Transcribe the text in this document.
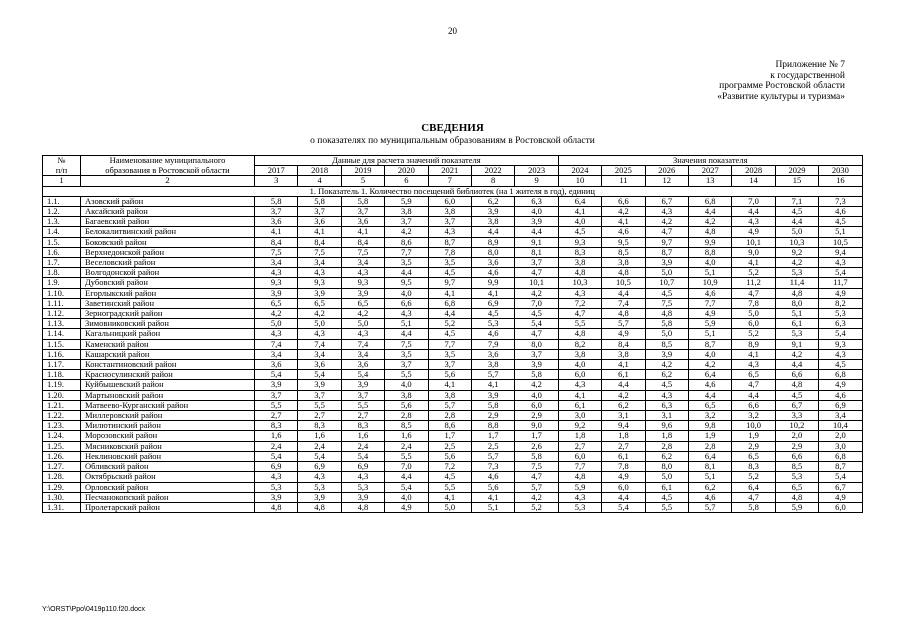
20
Приложение № 7
к государственной
программе Ростовской области
«Развитие культуры и туризма»
СВЕДЕНИЯ
о показателях по муниципальным образованиям в Ростовской области
№	Наименование муниципального	Данные для расчета значений показателя							Значения показателя						
п/п	образования в Ростовской области	2017	2018	2019	2020	2021	2022	2023	2024	2025	2026	2027	2028	2029	2030
1	2	3	4	5	6	7	8	9	10	11	12	13	14	15	16
1. Показатель 1. Количество посещений библиотек (на 1 жителя в год), единиц															
1.1.	Азовский район	5,8	5,8	5,8	5,9	6,0	6,2	6,3	6,4	6,6	6,7	6,8	7,0	7,1	7,3
1.2.	Аксайский район	3,7	3,7	3,7	3,8	3,8	3,9	4,0	4,1	4,2	4,3	4,4	4,4	4,5	4,6
1.3.	Багаевский район	3,6	3,6	3,6	3,7	3,7	3,8	3,9	4,0	4,1	4,2	4,2	4,3	4,4	4,5
1.4.	Белокалитвинский район	4,1	4,1	4,1	4,2	4,3	4,4	4,4	4,5	4,6	4,7	4,8	4,9	5,0	5,1
1.5.	Боковский район	8,4	8,4	8,4	8,6	8,7	8,9	9,1	9,3	9,5	9,7	9,9	10,1	10,3	10,5
1.6.	Верхнедонской район	7,5	7,5	7,5	7,7	7,8	8,0	8,1	8,3	8,5	8,7	8,8	9,0	9,2	9,4
1.7.	Веселовский район	3,4	3,4	3,4	3,5	3,5	3,6	3,7	3,8	3,8	3,9	4,0	4,1	4,2	4,3
1.8.	Волгодонской район	4,3	4,3	4,3	4,4	4,5	4,6	4,7	4,8	4,8	5,0	5,1	5,2	5,3	5,4
1.9.	Дубовский район	9,3	9,3	9,3	9,5	9,7	9,9	10,1	10,3	10,5	10,7	10,9	11,2	11,4	11,7
1.10.	Егорлыкский район	3,9	3,9	3,9	4,0	4,1	4,1	4,2	4,3	4,4	4,5	4,6	4,7	4,8	4,9
1.11.	Заветинский район	6,5	6,5	6,5	6,6	6,8	6,9	7,0	7,2	7,4	7,5	7,7	7,8	8,0	8,2
1.12.	Зерноградский район	4,2	4,2	4,2	4,3	4,4	4,5	4,5	4,7	4,8	4,8	4,9	5,0	5,1	5,3
1.13.	Зимовниковский район	5,0	5,0	5,0	5,1	5,2	5,3	5,4	5,5	5,7	5,8	5,9	6,0	6,1	6,3
1.14.	Кагальницкий район	4,3	4,3	4,3	4,4	4,5	4,6	4,7	4,8	4,9	5,0	5,1	5,2	5,3	5,4
1.15.	Каменский район	7,4	7,4	7,4	7,5	7,7	7,9	8,0	8,2	8,4	8,5	8,7	8,9	9,1	9,3
1.16.	Кашарский район	3,4	3,4	3,4	3,5	3,5	3,6	3,7	3,8	3,8	3,9	4,0	4,1	4,2	4,3
1.17.	Константиновский район	3,6	3,6	3,6	3,7	3,7	3,8	3,9	4,0	4,1	4,2	4,2	4,3	4,4	4,5
1.18.	Красносулинский район	5,4	5,4	5,4	5,5	5,6	5,7	5,8	6,0	6,1	6,2	6,4	6,5	6,6	6,8
1.19.	Куйбышевский район	3,9	3,9	3,9	4,0	4,1	4,1	4,2	4,3	4,4	4,5	4,6	4,7	4,8	4,9
1.20.	Мартыновский район	3,7	3,7	3,7	3,8	3,8	3,9	4,0	4,1	4,2	4,3	4,4	4,4	4,5	4,6
1.21.	Матвеево-Курганский район	5,5	5,5	5,5	5,6	5,7	5,8	6,0	6,1	6,2	6,3	6,5	6,6	6,7	6,9
1.22.	Миллеровский район	2,7	2,7	2,7	2,8	2,8	2,9	2,9	3,0	3,1	3,1	3,2	3,2	3,3	3,4
1.23.	Милютинский район	8,3	8,3	8,3	8,5	8,6	8,8	9,0	9,2	9,4	9,6	9,8	10,0	10,2	10,4
1.24.	Морозовский район	1,6	1,6	1,6	1,6	1,7	1,7	1,7	1,8	1,8	1,8	1,9	1,9	2,0	2,0
1.25.	Мясниковский район	2,4	2,4	2,4	2,4	2,5	2,5	2,6	2,7	2,7	2,8	2,8	2,9	2,9	3,0
1.26.	Неклиновский район	5,4	5,4	5,4	5,5	5,6	5,7	5,8	6,0	6,1	6,2	6,4	6,5	6,6	6,8
1.27.	Обливский район	6,9	6,9	6,9	7,0	7,2	7,3	7,5	7,7	7,8	8,0	8,1	8,3	8,5	8,7
1.28.	Октябрьский район	4,3	4,3	4,3	4,4	4,5	4,6	4,7	4,8	4,9	5,0	5,1	5,2	5,3	5,4
1.29.	Орловский район	5,3	5,3	5,3	5,4	5,5	5,6	5,7	5,9	6,0	6,1	6,2	6,4	6,5	6,7
1.30.	Песчанокопский район	3,9	3,9	3,9	4,0	4,1	4,1	4,2	4,3	4,4	4,5	4,6	4,7	4,8	4,9
1.31.	Пролетарский район	4,8	4,8	4,8	4,9	5,0	5,1	5,2	5,3	5,4	5,5	5,7	5,8	5,9	6,0
Y:\ORST\Ppo\0419p110.f20.docx
